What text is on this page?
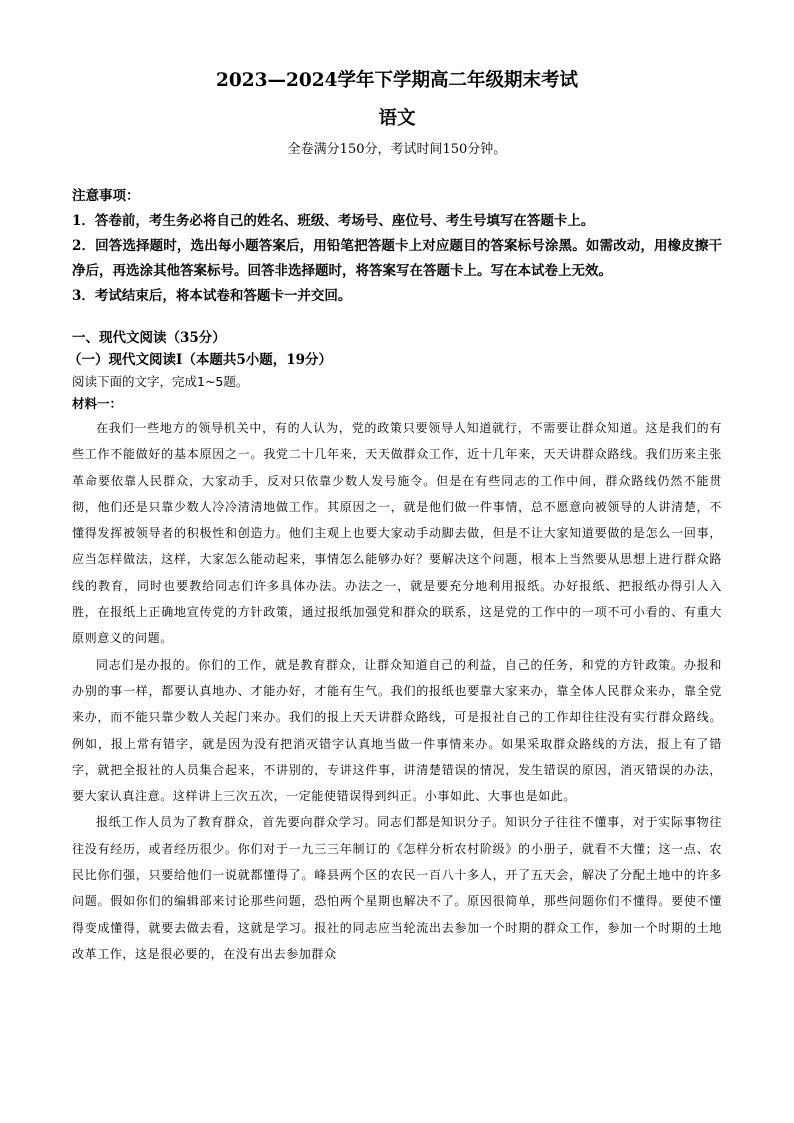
2023—2024学年下学期高二年级期末考试
语文
全卷满分150分，考试时间150分钟。
注意事项：

1．答卷前，考生务必将自己的姓名、班级、考场号、座位号、考生号填写在答题卡上。

2．回答选择题时，选出每小题答案后，用铅笔把答题卡上对应题目的答案标号涂黑。如需改动，用橡皮擦干净后，再选涂其他答案标号。回答非选择题时，将答案写在答题卡上。写在本试卷上无效。

3．考试结束后，将本试卷和答题卡一并交回。

一、现代文阅读（35分）

（一）现代文阅读Ⅰ（本题共5小题，19分）

阅读下面的文字，完成1~5题。

材料一：

在我们一些地方的领导机关中，有的人认为，党的政策只要领导人知道就行，不需要让群众知道。这是我们的有些工作不能做好的基本原因之一。我党二十几年来，天天做群众工作，近十几年来，天天讲群众路线。我们历来主张革命要依靠人民群众，大家动手，反对只依靠少数人发号施令。但是在有些同志的工作中间，群众路线仍然不能贯彻，他们还是只靠少数人冷冷清清地做工作。其原因之一，就是他们做一件事情，总不愿意向被领导的人讲清楚，不懂得发挥被领导者的积极性和创造力。他们主观上也要大家动手动脚去做，但是不让大家知道要做的是怎么一回事，应当怎样做法，这样，大家怎么能动起来，事情怎么能够办好？要解决这个问题，根本上当然要从思想上进行群众路线的教育，同时也要教给同志们许多具体办法。办法之一，就是要充分地利用报纸。办好报纸、把报纸办得引人入胜，在报纸上正确地宣传党的方针政策，通过报纸加强党和群众的联系，这是党的工作中的一项不可小看的、有重大原则意义的问题。

同志们是办报的。你们的工作，就是教育群众，让群众知道自己的利益，自己的任务，和党的方针政策。办报和办别的事一样，都要认真地办、才能办好，才能有生气。我们的报纸也要靠大家来办，靠全体人民群众来办，靠全党来办，而不能只靠少数人关起门来办。我们的报上天天讲群众路线，可是报社自己的工作却往往没有实行群众路线。例如，报上常有错字，就是因为没有把消灭错字认真地当做一件事情来办。如果采取群众路线的方法，报上有了错字，就把全报社的人员集合起来，不讲别的，专讲这件事，讲清楚错误的情况，发生错误的原因，消灭错误的办法，要大家认真注意。这样讲上三次五次，一定能使错误得到纠正。小事如此、大事也是如此。

报纸工作人员为了教育群众，首先要向群众学习。同志们都是知识分子。知识分子往往不懂事，对于实际事物往往没有经历，或者经历很少。你们对于一九三三年制订的《怎样分析农村阶级》的小册子，就看不大懂；这一点、农民比你们强，只要给他们一说就都懂得了。峰县两个区的农民一百八十多人，开了五天会，解决了分配土地中的许多问题。假如你们的编辑部来讨论那些问题，恐怕两个星期也解决不了。原因很简单，那些问题你们不懂得。要使不懂得变成懂得，就要去做去看，这就是学习。报社的同志应当轮流出去参加一个时期的群众工作，参加一个时期的土地改革工作，这是很必要的，在没有出去参加群众
